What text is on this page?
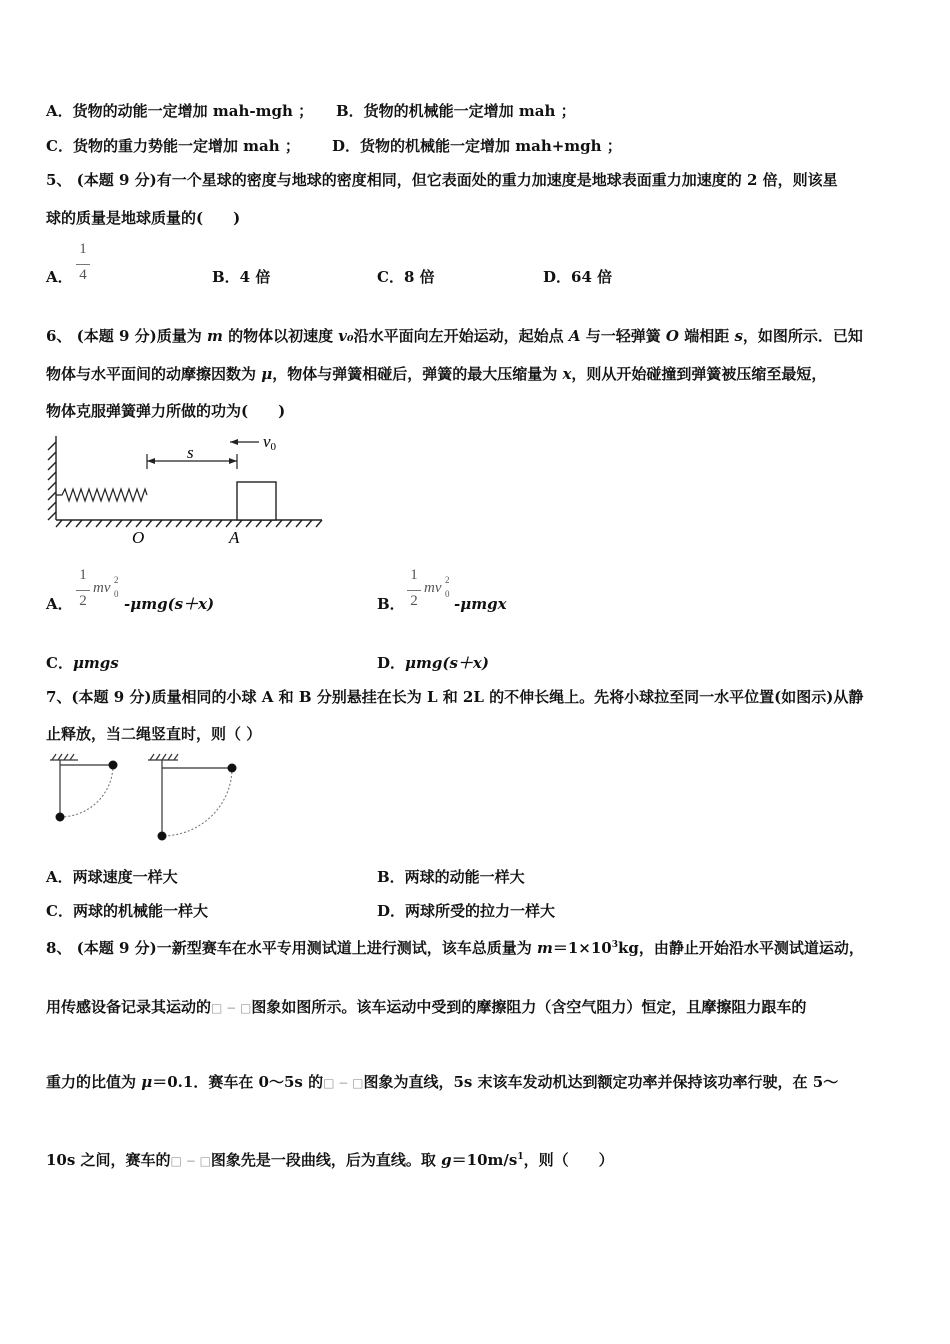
A．货物的动能一定增加 mah-mgh ； B．货物的机械能一定增加 mah ；
C．货物的重力势能一定增加 mah ； D．货物的机械能一定增加 mah+mgh ；
5、 (本题 9 分)有一个星球的密度与地球的密度相同，但它表面处的重力加速度是地球表面重力加速度的 2 倍，则该星
球的质量是地球质量的(　　)
A．
1
4	B．4 倍	C．8 倍	D．64 倍
6、 (本题 9 分)质量为 m 的物体以初速度 v₀沿水平面向左开始运动，起始点 A 与一轻弹簧 O 端相距 s，如图所示．已知
物体与水平面间的动摩擦因数为 μ，物体与弹簧相碰后，弹簧的最大压缩量为 x，则从开始碰撞到弹簧被压缩至最短，
物体克服弹簧弹力所做的功为(　　)
s
v0
O	A
A．
1
2
mv 2
0
-μmg(s＋x)	B．
1
2
mv 2
0
-μmgx
C．μmgs	D．μmg(s＋x)
7、(本题 9 分)质量相同的小球 A 和 B 分别悬挂在长为 L 和 2L 的不伸长绳上。先将小球拉至同一水平位置(如图示)从静
止释放，当二绳竖直时，则（ ）
A．两球速度一样大	B．两球的动能一样大
C．两球的机械能一样大	D．两球所受的拉力一样大
8、 (本题 9 分)一新型赛车在水平专用测试道上进行测试，该车总质量为 $m=1\times 10^3kg$，由静止开始沿水平测试道运动，
用传感设备记录其运动的□ − □图象如图所示。该车运动中受到的摩擦阻力（含空气阻力）恒定，且摩擦阻力跟车的
重力的比值为 μ＝0.1．赛车在 0～5s 的□ − □图象为直线，5s 末该车发动机达到额定功率并保持该功率行驶，在 5～
10s 之间，赛车的□ − □图象先是一段曲线，后为直线。取 $g=10m/s^1$，则（　　）
